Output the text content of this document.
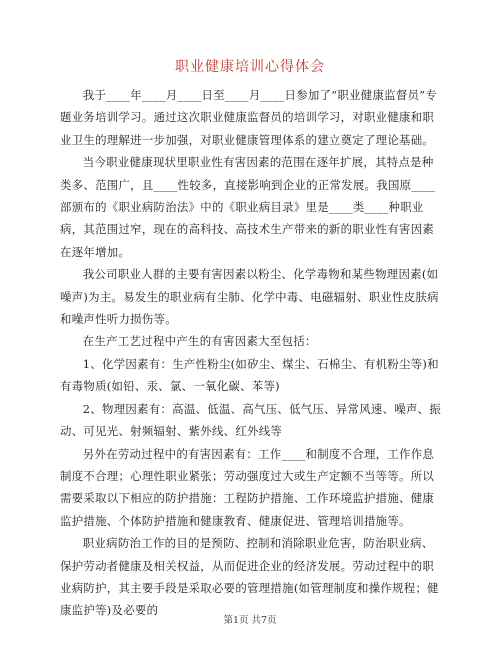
职业健康培训心得体会

我于____年____月____日至____月____日参加了“职业健康监督员”专题业务培训学习。通过这次职业健康监督员的培训学习，对职业健康和职业卫生的理解进一步加强，对职业健康管理体系的建立奠定了理论基础。

当今职业健康现状里职业性有害因素的范围在逐年扩展，其特点是种类多、范围广，且____性较多，直接影响到企业的正常发展。我国原____部颁布的《职业病防治法》中的《职业病目录》里是____类____种职业病，其范围过窄，现在的高科技、高技术生产带来的新的职业性有害因素在逐年增加。

我公司职业人群的主要有害因素以粉尘、化学毒物和某些物理因素(如噪声)为主。易发生的职业病有尘肺、化学中毒、电磁辐射、职业性皮肤病和噪声性听力损伤等。

在生产工艺过程中产生的有害因素大至包括：

1、化学因素有：生产性粉尘(如矽尘、煤尘、石棉尘、有机粉尘等)和有毒物质(如铅、汞、氯、一氧化碳、苯等)

2、物理因素有：高温、低温、高气压、低气压、异常风速、噪声、振动、可见光、射频辐射、紫外线、红外线等

另外在劳动过程中的有害因素有：工作____和制度不合理，工作作息制度不合理；心理性职业紧张；劳动强度过大或生产定额不当等等。所以需要采取以下相应的防护措施：工程防护措施、工作环境监护措施、健康监护措施、个体防护措施和健康教育、健康促进、管理培训措施等。

职业病防治工作的目的是预防、控制和消除职业危害，防治职业病、保护劳动者健康及相关权益，从而促进企业的经济发展。劳动过程中的职业病防护，其主要手段是采取必要的管理措施(如管理制度和操作规程；健康监护等)及必要的

第1页 共7页
